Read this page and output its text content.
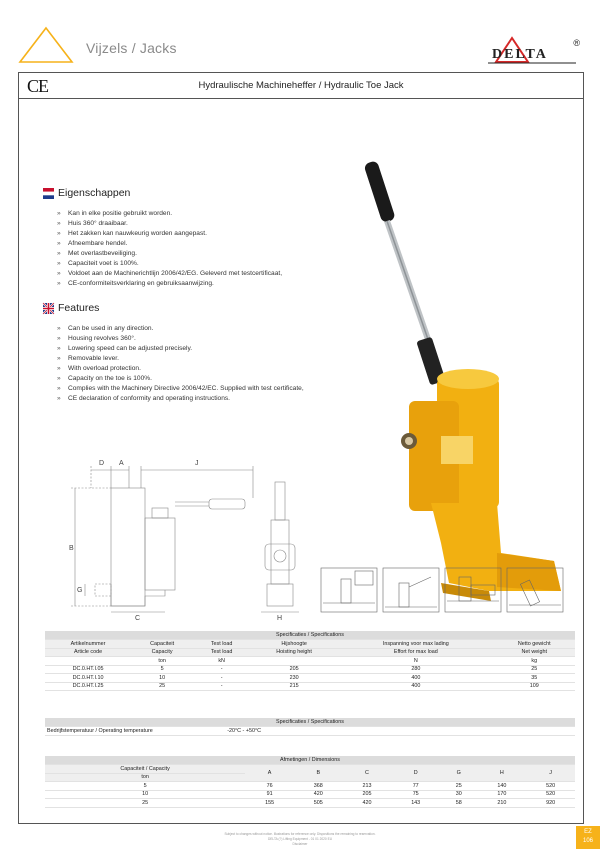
Vijzels / Jacks	DELTA
®
CE	Hydraulische Machineheffer / Hydraulic Toe Jack
Eigenschappen
» Kan in elke positie gebruikt worden.
» Huis 360° draaibaar.
» Het zakken kan nauwkeurig worden aangepast.
» Afneembare hendel.
» Met overlastbeveiliging.
» Capaciteit voet is 100%.
» Voldoet aan de Machinerichtlijn 2006/42/EG. Geleverd met testcertificaat,
» CE-conformiteitsverklaring en gebruiksaanwijzing.
Features
» Can be used in any direction.
» Housing revolves 360°.
» Lowering speed can be adjusted precisely.
» Removable lever.
» With overload protection.
» Capacity on the toe is 100%.
» Complies with the Machinery Directive 2006/42/EC. Supplied with test certificate,
» CE declaration of conformity and operating instructions.
D A	J
B
G
C	H
Specificaties / Specifications					
Artikelnummer	Capaciteit	Test load	Hijshoogte	Inspanning voor max lading	Netto gewicht
Article code	Capacity	Test load	Hoisting height	Effort for max load	Net weight
	ton	kN		N	kg
DC.0.HT.I.05	5	-	205	280	25
DC.0.HT.I.10	10	-	230	400	35
DC.0.HT.I.25	25	-	215	400	109
Specificaties / Specifications
Bedrijfstemperatuur / Operating temperature	-20°C - +50°C
Afmetingen / Dimensions							
Capaciteit / Capacity	A	B	C	D	G	H	J
ton							
5	76	368	213	77	25	140	520
10	91	420	205	75	30	170	520
25	155	505	420	143	58	210	920
Subject to changes without notice. Illustrations for reference only. Dispositions the remaining to reservation.
DELTA (?) Lifting Equipment - 01 01 2020 EU
Disclaimer
EZ
106
